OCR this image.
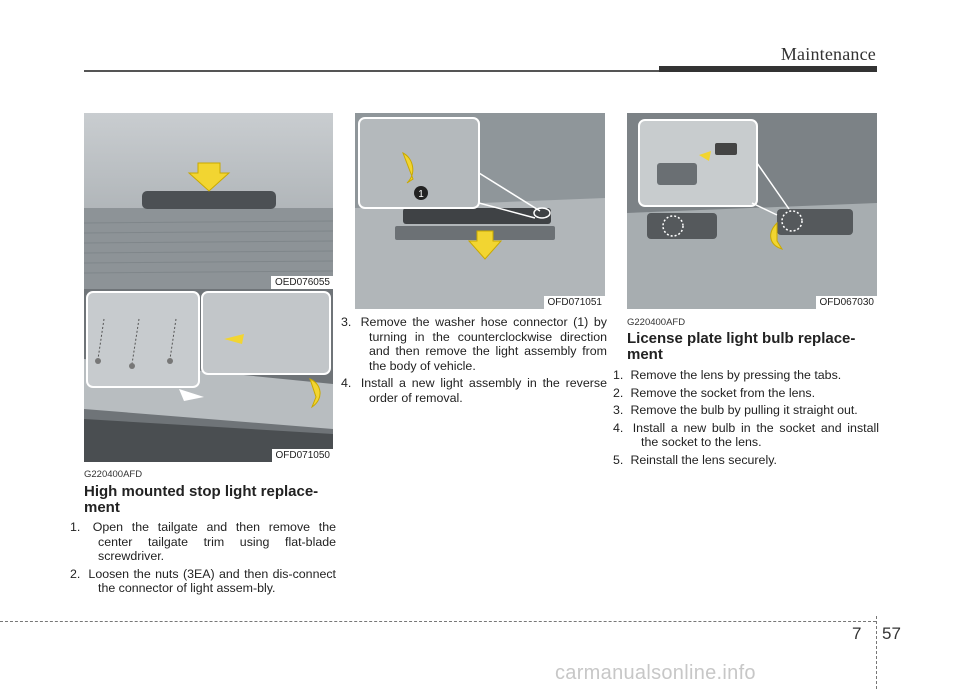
Maintenance
OED076055
OFD071050
1
OFD071051	OFD067030
G220400AFD
High mounted stop light replace-
ment
1. Open the tailgate and then remove the center tailgate trim using flat-blade screwdriver.
2. Loosen the nuts (3EA) and then dis-connect the connector of light assem-bly.
3. Remove the washer hose connector (1) by turning in the counterclockwise direction and then remove the light assembly from the body of vehicle.
4. Install a new light assembly in the reverse order of removal.
G220400AFD
License plate light bulb replace-
ment
1. Remove the lens by pressing the tabs.
2. Remove the socket from the lens.
3. Remove the bulb by pulling it straight out.
4. Install a new bulb in the socket and install the socket to the lens.
5. Reinstall the lens securely.
7 57
carmanualsonline.info
